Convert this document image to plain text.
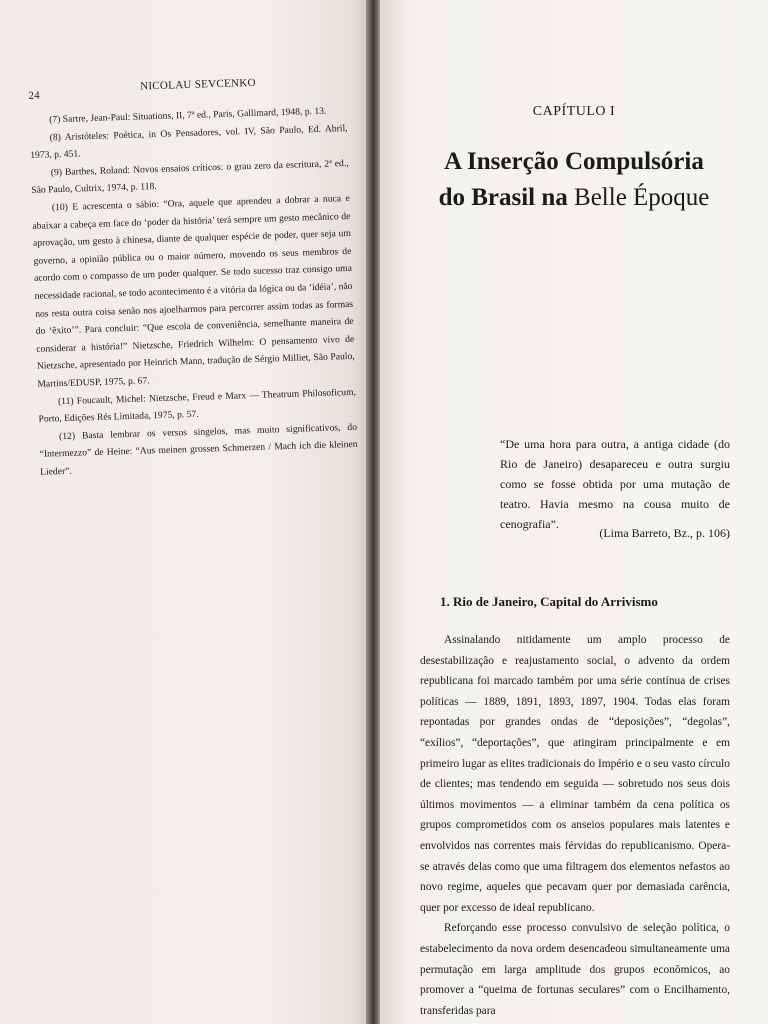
24
NICOLAU SEVCENKO

(7) Sartre, Jean-Paul: Situations, II, 7ª ed., Paris, Gallimard, 1948, p. 13.

(8) Aristóteles: Poética, in Os Pensadores, vol. IV, São Paulo, Ed. Abril, 1973, p. 451.

(9) Barthes, Roland: Novos ensaios críticos: o grau zero da escritura, 2ª ed., São Paulo, Cultrix, 1974, p. 118.

(10) E acrescenta o sábio: “Ora, aquele que aprendeu a dobrar a nuca e abaixar a cabeça em face do ‘poder da história’ terá sempre um gesto mecânico de aprovação, um gesto à chinesa, diante de qualquer espécie de poder, quer seja um governo, a opinião pública ou o maior número, movendo os seus membros de acordo com o compasso de um poder qualquer. Se todo sucesso traz consigo uma necessidade racional, se todo acontecimento é a vitória da lógica ou da ‘idéia’, não nos resta outra coisa senão nos ajoelharmos para percorrer assim todas as formas do ‘êxito’”. Para concluir: “Que escola de conveniência, semelhante maneira de considerar a história!” Nietzsche, Friedrich Wilhelm: O pensamento vivo de Nietzsche, apresentado por Heinrich Mann, tradução de Sérgio Milliet, São Paulo, Martins/EDUSP, 1975, p. 67.

(11) Foucault, Michel: Nietzsche, Freud e Marx — Theatrum Philosoficum, Porto, Edições Rés Limitada, 1975, p. 57.

(12) Basta lembrar os versos singelos, mas muito significativos, do “Intermezzo” de Heine: “Aus meinen grossen Schmerzen / Mach ich die kleinen Lieder”.

CAPÍTULO I
A Inserção Compulsória
do Brasil na Belle Époque

“De uma hora para outra, a antiga cidade (do Rio de Janeiro) desapareceu e outra surgiu como se fosse obtida por uma mutação de teatro. Havia mesmo na cousa muito de cenografia”.

(Lima Barreto, Bz., p. 106)
1. Rio de Janeiro, Capital do Arrivismo

Assinalando nitidamente um amplo processo de desestabilização e reajustamento social, o advento da ordem republicana foi marcado também por uma série contínua de crises políticas — 1889, 1891, 1893, 1897, 1904. Todas elas foram repontadas por grandes ondas de “deposições”, “degolas”, “exílios”, “deportações”, que atingiram principalmente e em primeiro lugar as elites tradicionais do Império e o seu vasto círculo de clientes; mas tendendo em seguida — sobretudo nos seus dois últimos movimentos — a eliminar também da cena política os grupos comprometidos com os anseios populares mais latentes e envolvidos nas correntes mais férvidas do republicanismo. Opera-se através delas como que uma filtragem dos elementos nefastos ao novo regime, aqueles que pecavam quer por demasiada carência, quer por excesso de ideal republicano.

Reforçando esse processo convulsivo de seleção política, o estabelecimento da nova ordem desencadeou simultaneamente uma permutação em larga amplitude dos grupos econômicos, ao promover a “queima de fortunas seculares” com o Encilhamento, transferidas para
